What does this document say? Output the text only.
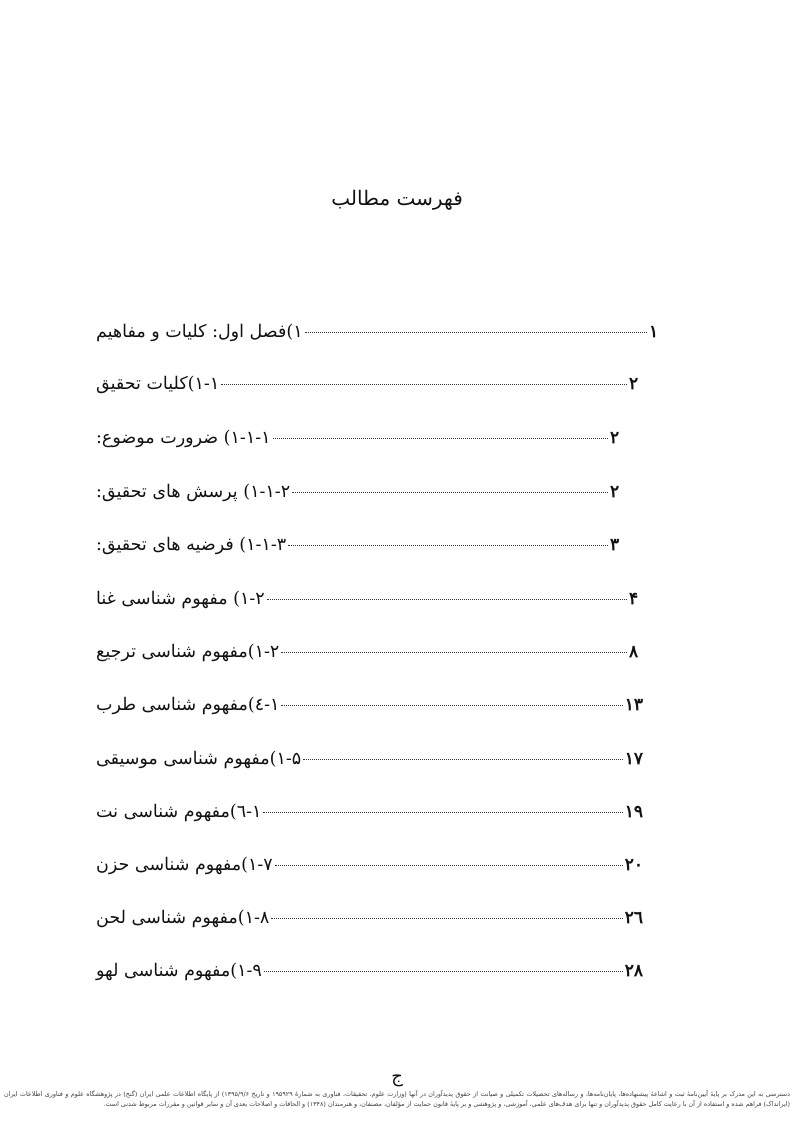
فهرست مطالب
۱)فصل اول: کلیات و مفاهیم	۱
۱-۱)کلیات تحقیق	۲
۱-۱-۱) ضرورت موضوع:	۲
۱-۱-۲) پرسش های تحقیق:	۲
۱-۱-۳) فرضیه های تحقیق:	۳
۱-۲) مفهوم شناسی غنا	۴
۱-۲)مفهوم شناسی ترجیع	۸
۱-٤)مفهوم شناسی طرب	۱۳
۱-۵)مفهوم شناسی موسیقی	۱۷
۱-٦)مفهوم شناسی نت	۱۹
۱-۷)مفهوم شناسی حزن	۲۰
۱-۸)مفهوم شناسی لحن	۲٦
۱-۹)مفهوم شناسی لهو	۲۸
ج
دسترسی به این مدرک بر پایهٔ آیین‌نامهٔ ثبت و اشاعهٔ پیشنهاده‌ها، پایان‌نامه‌ها، و رساله‌های تحصیلات تکمیلی و صیانت از حقوق پدیدآوران در آنها (وزارت علوم، تحقیقات، فناوری به شمارهٔ ۱۹۵۹۲۹ و تاریخ ۱۳۹۵/۹/۶) از پایگاه اطلاعات علمی ایران (گنج) در پژوهشگاه علوم و فناوری اطلاعات ایران (ایرانداک) فراهم شده و استفاده از آن با رعایت کامل حقوق پدیدآوران و تنها برای هدف‌های علمی، آموزشی، و پژوهشی و بر پایهٔ قانون حمایت از مؤلفان، مصنفان، و هنرمندان (۱۳۴۸) و الحاقات و اصلاحات بعدی آن و سایر قوانین و مقررات مربوط شدنی است.
